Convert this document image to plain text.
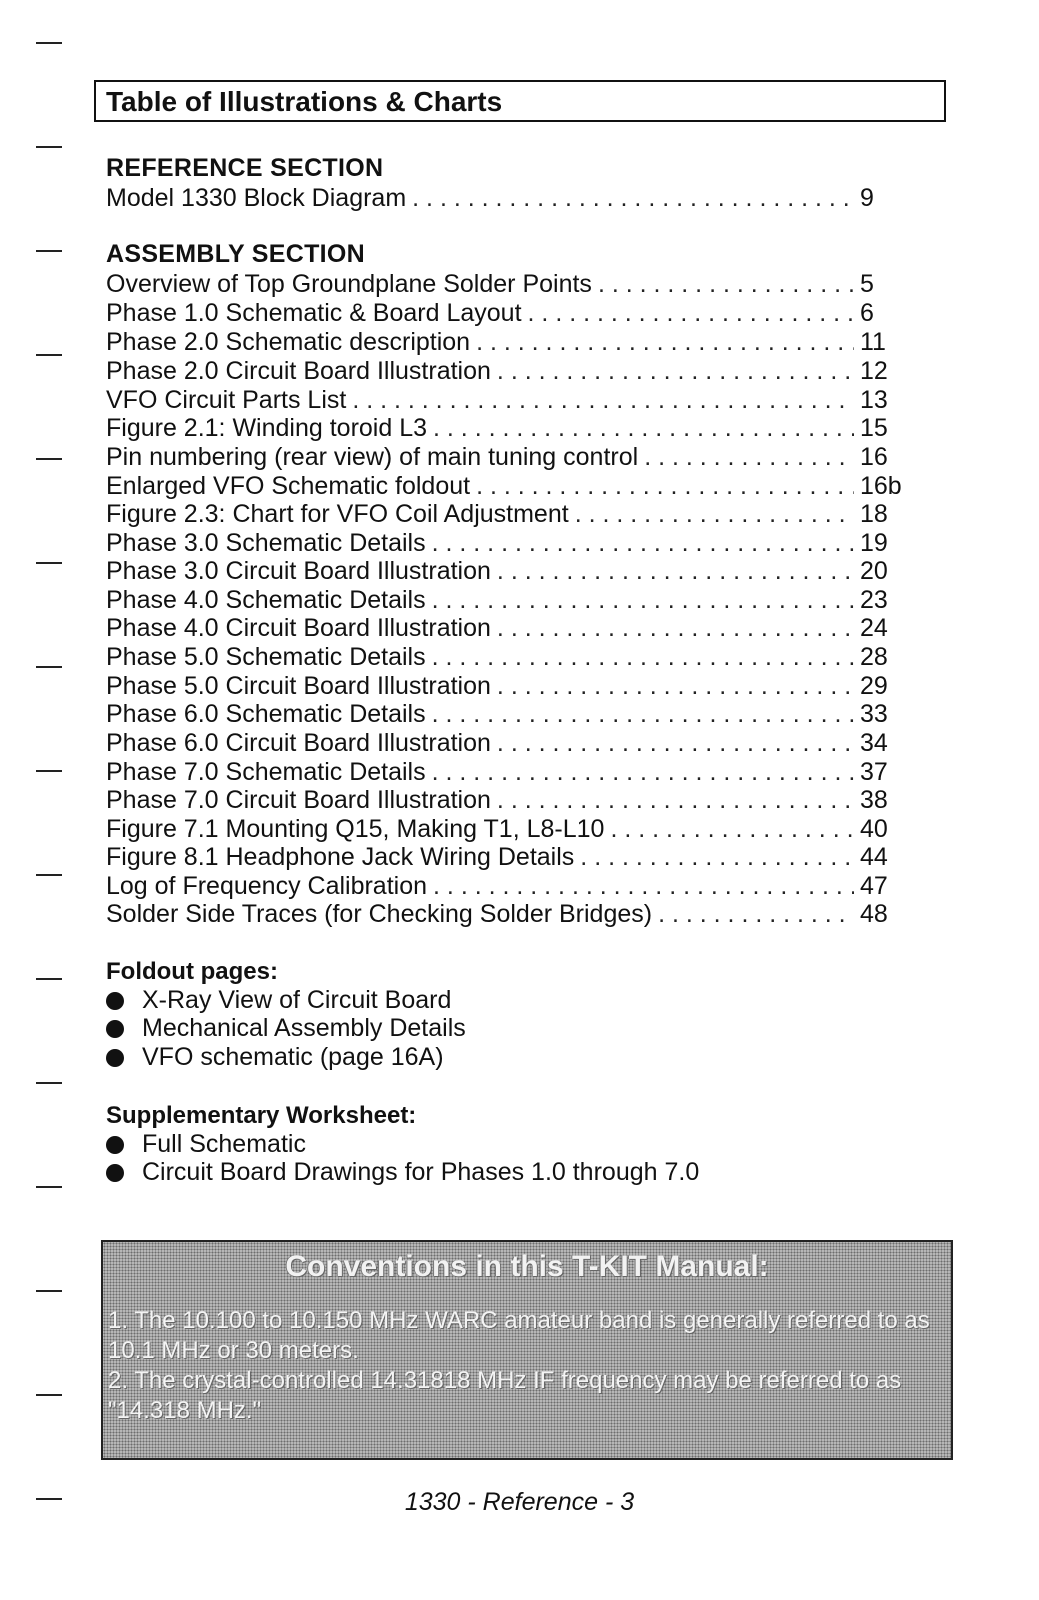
Table of Illustrations & Charts
REFERENCE SECTION
Model 1330 Block Diagram . . .	9
ASSEMBLY SECTION
Overview of Top Groundplane Solder Points . . .	5
Phase 1.0 Schematic & Board Layout . . .	6
Phase 2.0 Schematic description . . .	11
Phase 2.0 Circuit Board Illustration . . .	12
VFO Circuit Parts List . . .	13
Figure 2.1: Winding toroid L3 . . .	15
Pin numbering (rear view) of main tuning control . . .	16
Enlarged VFO Schematic foldout . . .	16b
Figure 2.3: Chart for VFO Coil Adjustment . . .	18
Phase 3.0 Schematic Details . . .	19
Phase 3.0 Circuit Board Illustration . . .	20
Phase 4.0 Schematic Details . . .	23
Phase 4.0 Circuit Board Illustration . . .	24
Phase 5.0 Schematic Details . . .	28
Phase 5.0 Circuit Board Illustration . . .	29
Phase 6.0 Schematic Details . . .	33
Phase 6.0 Circuit Board Illustration . . .	34
Phase 7.0 Schematic Details . . .	37
Phase 7.0 Circuit Board Illustration . . .	38
Figure 7.1 Mounting Q15, Making T1, L8-L10 . . .	40
Figure 8.1 Headphone Jack Wiring Details . . .	44
Log of Frequency Calibration . . .	47
Solder Side Traces (for Checking Solder Bridges) . . .	48
Foldout pages:
X-Ray View of Circuit Board
Mechanical Assembly Details
VFO schematic (page 16A)
Supplementary Worksheet:
Full Schematic
Circuit Board Drawings for Phases 1.0 through 7.0
Conventions in this T-KIT Manual:
1. The 10.100 to 10.150 MHz WARC amateur band is generally referred to as 10.1 MHz or 30 meters.
2. The crystal-controlled 14.31818 MHz IF frequency may be referred to as "14.318 MHz."
1330 - Reference - 3
